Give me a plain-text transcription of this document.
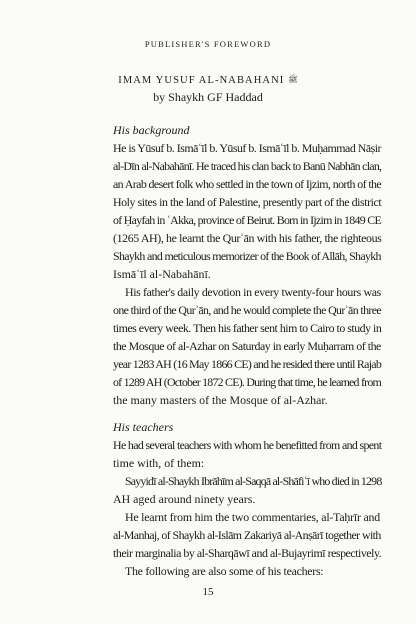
PUBLISHER'S FOREWORD
IMAM YUSUF AL-NABAHANI ﷺ
by Shaykh GF Haddad
His background
He is Yūsuf b. Ismāʿīl b. Yūsuf b. Ismāʿīl b. Muḥammad Nāṣir
al-Dīn al-Nabahānī. He traced his clan back to Banū Nabhān clan,
an Arab desert folk who settled in the town of Ijzim, north of the
Holy sites in the land of Palestine, presently part of the district
of Ḥayfah in ʿAkka, province of Beirut. Born in Ijzim in 1849 CE
(1265 AH), he learnt the Qurʾān with his father, the righteous
Shaykh and meticulous memorizer of the Book of Allāh, Shaykh
Ismāʿīl al-Nabahānī.
His father's daily devotion in every twenty-four hours was
one third of the Qurʾān, and he would complete the Qurʾān three
times every week. Then his father sent him to Cairo to study in
the Mosque of al-Azhar on Saturday in early Muḥarram of the
year 1283 AH (16 May 1866 CE) and he resided there until Rajab
of 1289 AH (October 1872 CE). During that time, he learned from
the many masters of the Mosque of al-Azhar.
His teachers
He had several teachers with whom he benefitted from and spent
time with, of them:
Sayyidī al-Shaykh Ibrāhīm al-Saqqā al-Shāfiʿī who died in 1298
AH aged around ninety years.
He learnt from him the two commentaries, al-Taḥrīr and
al-Manhaj, of Shaykh al-Islām Zakariyā al-Anṣārī together with
their marginalia by al-Sharqāwī and al-Bujayrimī respectively.
The following are also some of his teachers:
15
